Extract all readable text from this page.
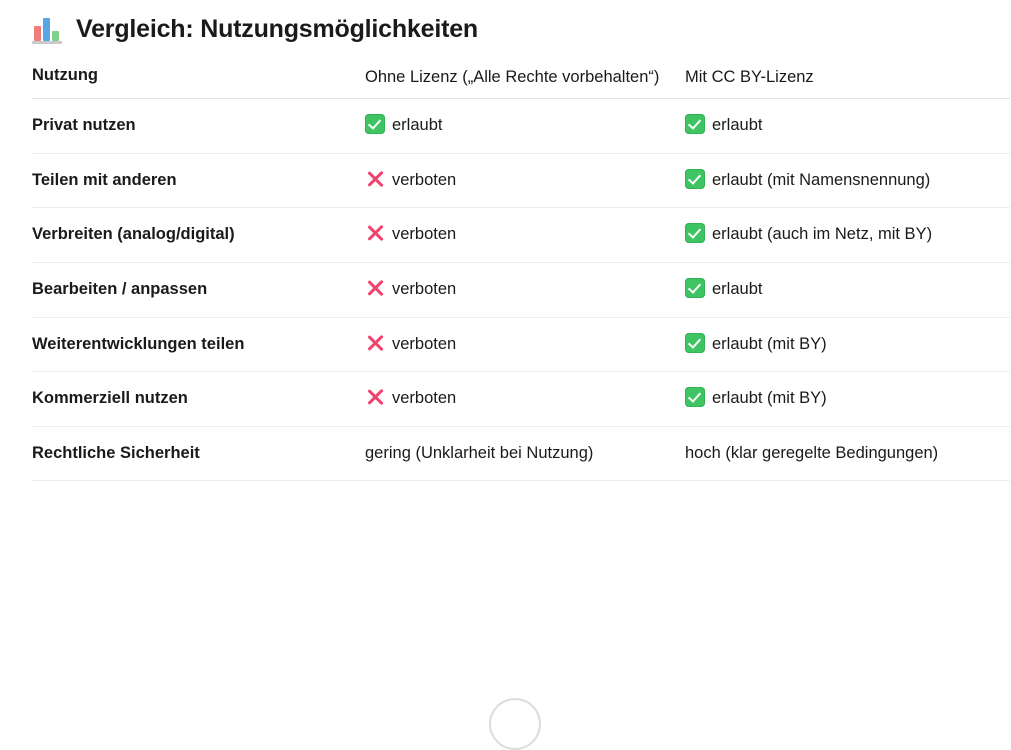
Vergleich: Nutzungsmöglichkeiten
Nutzung	Ohne Lizenz („Alle Rechte vorbehalten“)	Mit CC BY-Lizenz
Privat nutzen	erlaubt	erlaubt

Teilen mit anderen	verboten	erlaubt (mit Namensnennung)

Verbreiten (analog/digital)	verboten	erlaubt (auch im Netz, mit BY)

Bearbeiten / anpassen	verboten	erlaubt

Weiterentwicklungen teilen	verboten	erlaubt (mit BY)

Kommerziell nutzen	verboten	erlaubt (mit BY)

Rechtliche Sicherheit	gering (Unklarheit bei Nutzung)	hoch (klar geregelte Bedingungen)
